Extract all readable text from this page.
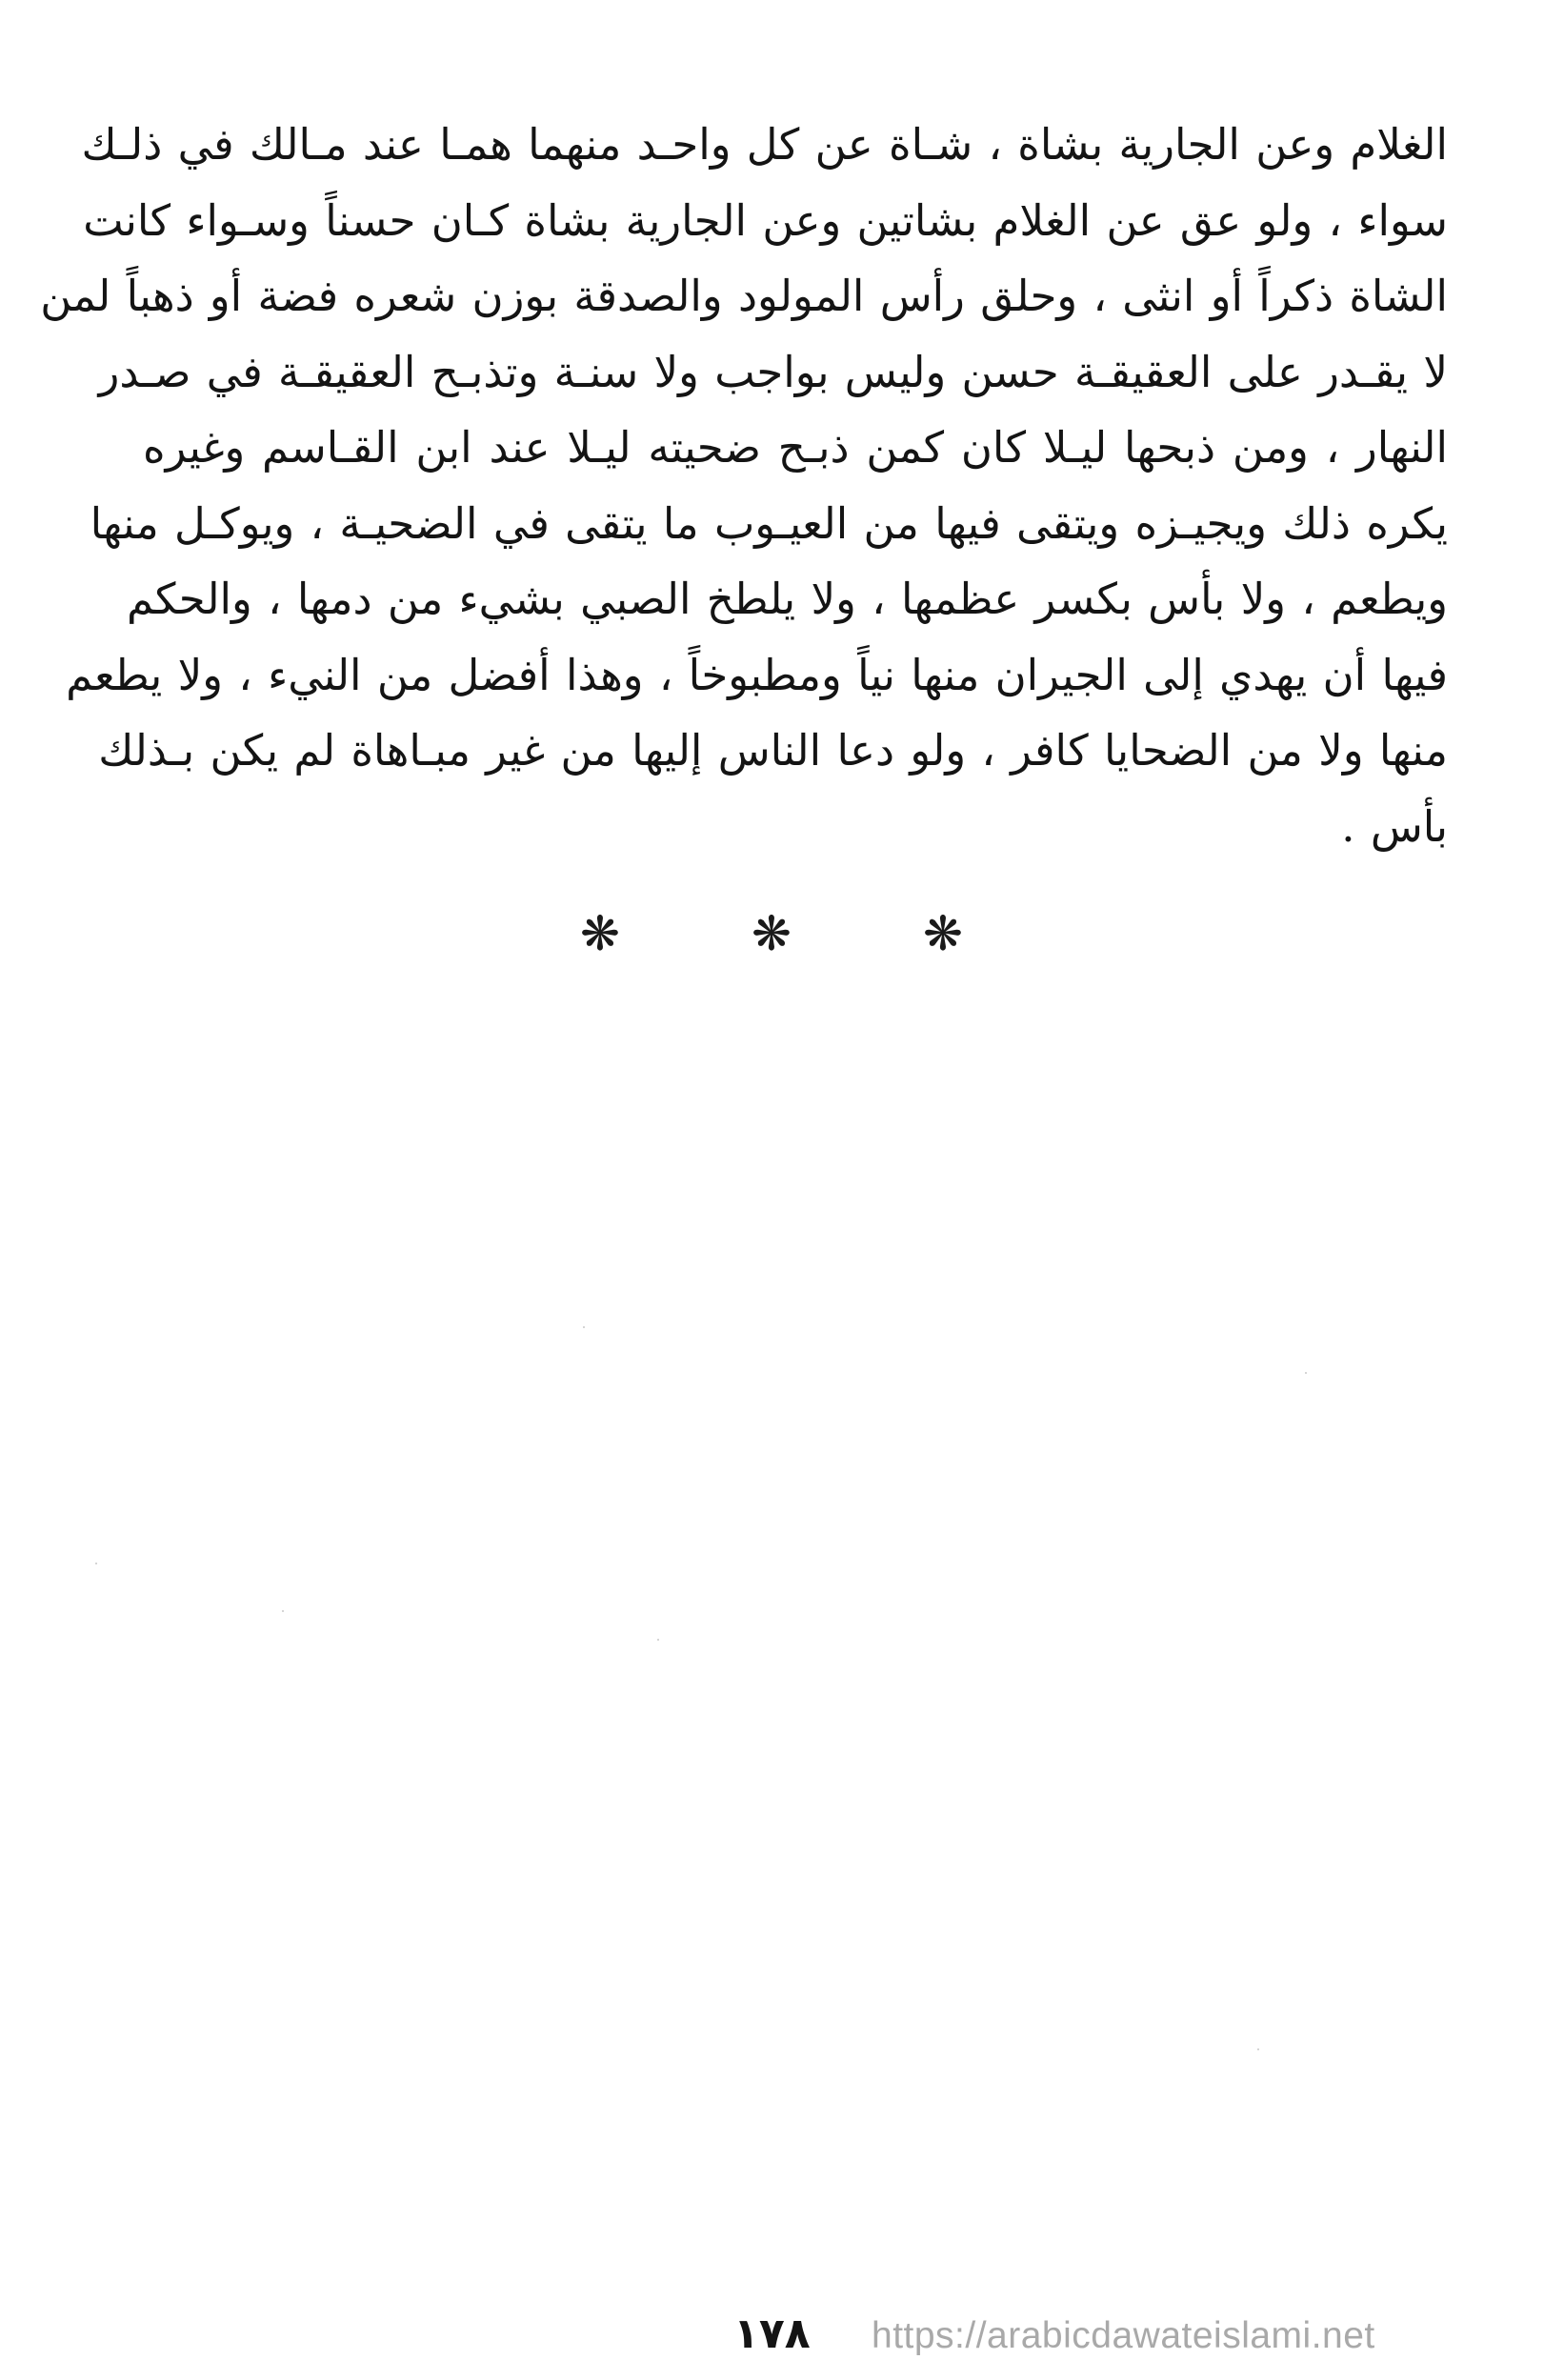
الغلام وعن الجارية بشاة ، شـاة عن كل واحـد منهما همـا عند مـالك في ذلـك
سواء ، ولو عق عن الغلام بشاتين وعن الجارية بشاة كـان حسناً وسـواء كانت
الشاة ذكراً أو انثى ، وحلق رأس المولود والصدقة بوزن شعره فضة أو ذهباً لمن
لا يقـدر على العقيقـة حسن وليس بواجب ولا سنـة وتذبـح العقيقـة في صـدر
النهار ، ومن ذبحها ليـلا كان كمن ذبـح ضحيته ليـلا عند ابن القـاسم وغيره
يكره ذلك ويجيـزه ويتقى فيها من العيـوب ما يتقى في الضحيـة ، ويوكـل منها
ويطعم ، ولا بأس بكسر عظمها ، ولا يلطخ الصبي بشيء من دمها ، والحكم
فيها أن يهدي إلى الجيران منها نياً ومطبوخاً ، وهذا أفضل من النيء ، ولا يطعم
منها ولا من الضحايا كافر ، ولو دعا الناس إليها من غير مبـاهاة لم يكن بـذلك
بأس .
❋	❋	❋
١٧٨ https://arabicdawateislami.net
